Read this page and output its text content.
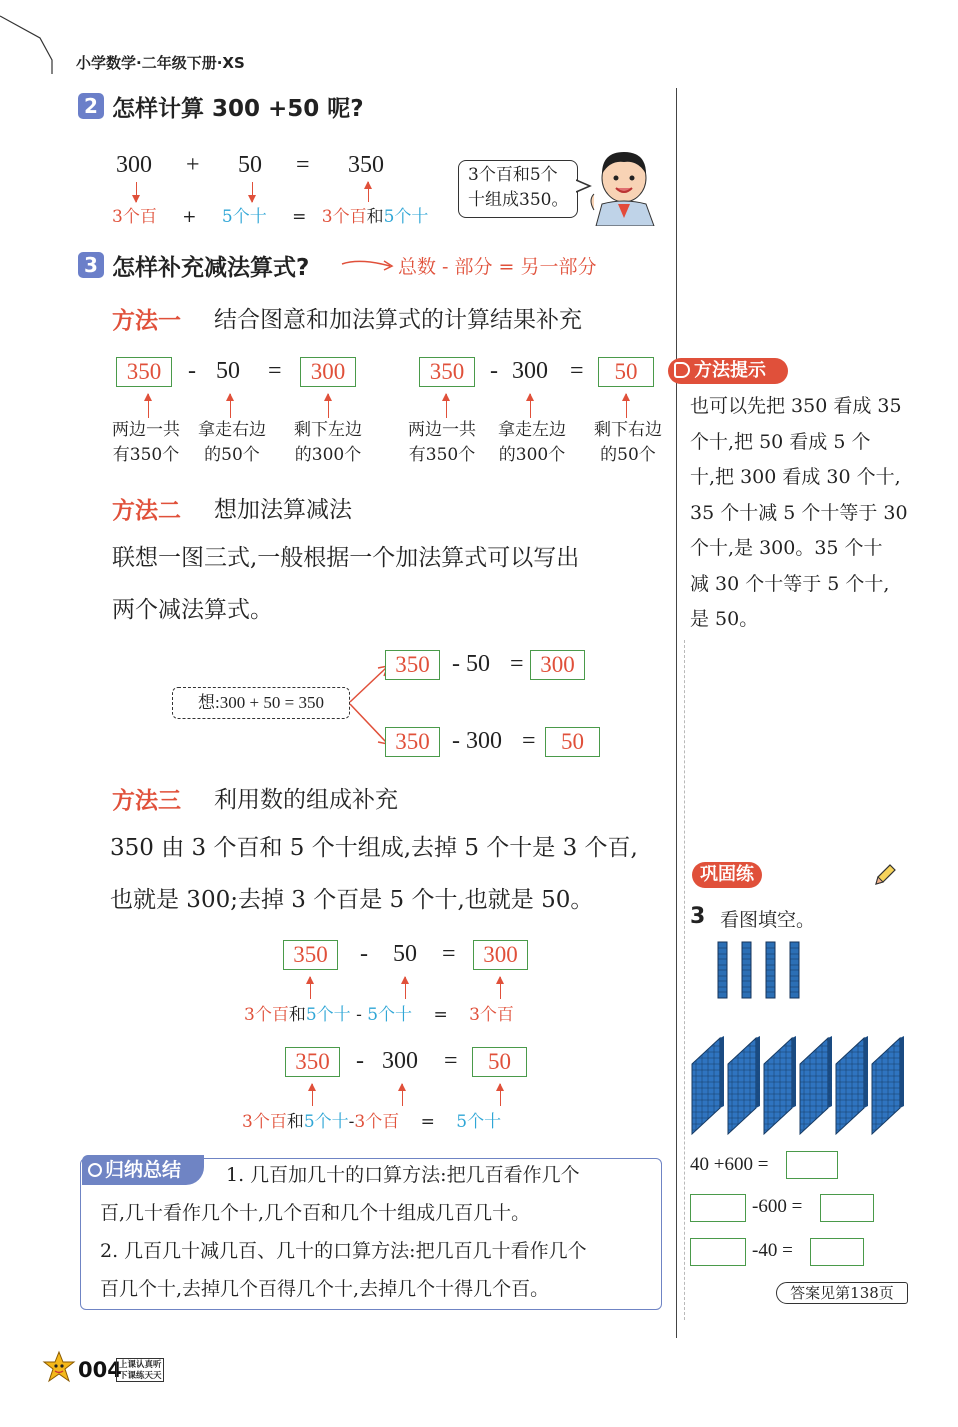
小学数学·二年级下册·XS
2 怎样计算 300 +50 呢?
300 + 50 = 350
3个百 + 5个十 = 3个百和5个十
3个百和5个
十组成350。
3 怎样补充减法算式?	总数 - 部分 = 另一部分
方法一 结合图意和加法算式的计算结果补充
350	- 50 =	300
两边一共
有350个
拿走右边
的50个
剩下左边
的300个
350	- 300 =	50
两边一共
有350个
拿走左边
的300个
剩下右边
的50个
方法二 想加法算减法
联想一图三式,一般根据一个加法算式可以写出
两个减法算式。
想:300 + 50 = 350
350 - 50 = 300
350 - 300 =	50
方法三 利用数的组成补充
350 由 3 个百和 5 个十组成,去掉 5 个十是 3 个百,
也就是 300;去掉 3 个百是 5 个十,也就是 50。
350	- 50 =	300
3个百和5个十 - 5个十 = 3个百
350	- 300 =	50
3个百和5个十-3个百 = 5个十
归纳总结	1. 几百加几十的口算方法:把几百看作几个
百,几十看作几个十,几个百和几个十组成几百几十。
2. 几百几十减几百、几十的口算方法:把几百几十看作几个
百几个十,去掉几个百得几个十,去掉几个十得几个百。
方法提示
也可以先把 350 看成 35
个十,把 50 看成 5 个
十,把 300 看成 30 个十,
35 个十减 5 个十等于 30
个十,是 300。35 个十
减 30 个十等于 5 个十,
是 50。
巩固练
3 看图填空。
40 +600 =
-600 =
-40 =
答案见第138页
004
上课认真听
下课练天天
